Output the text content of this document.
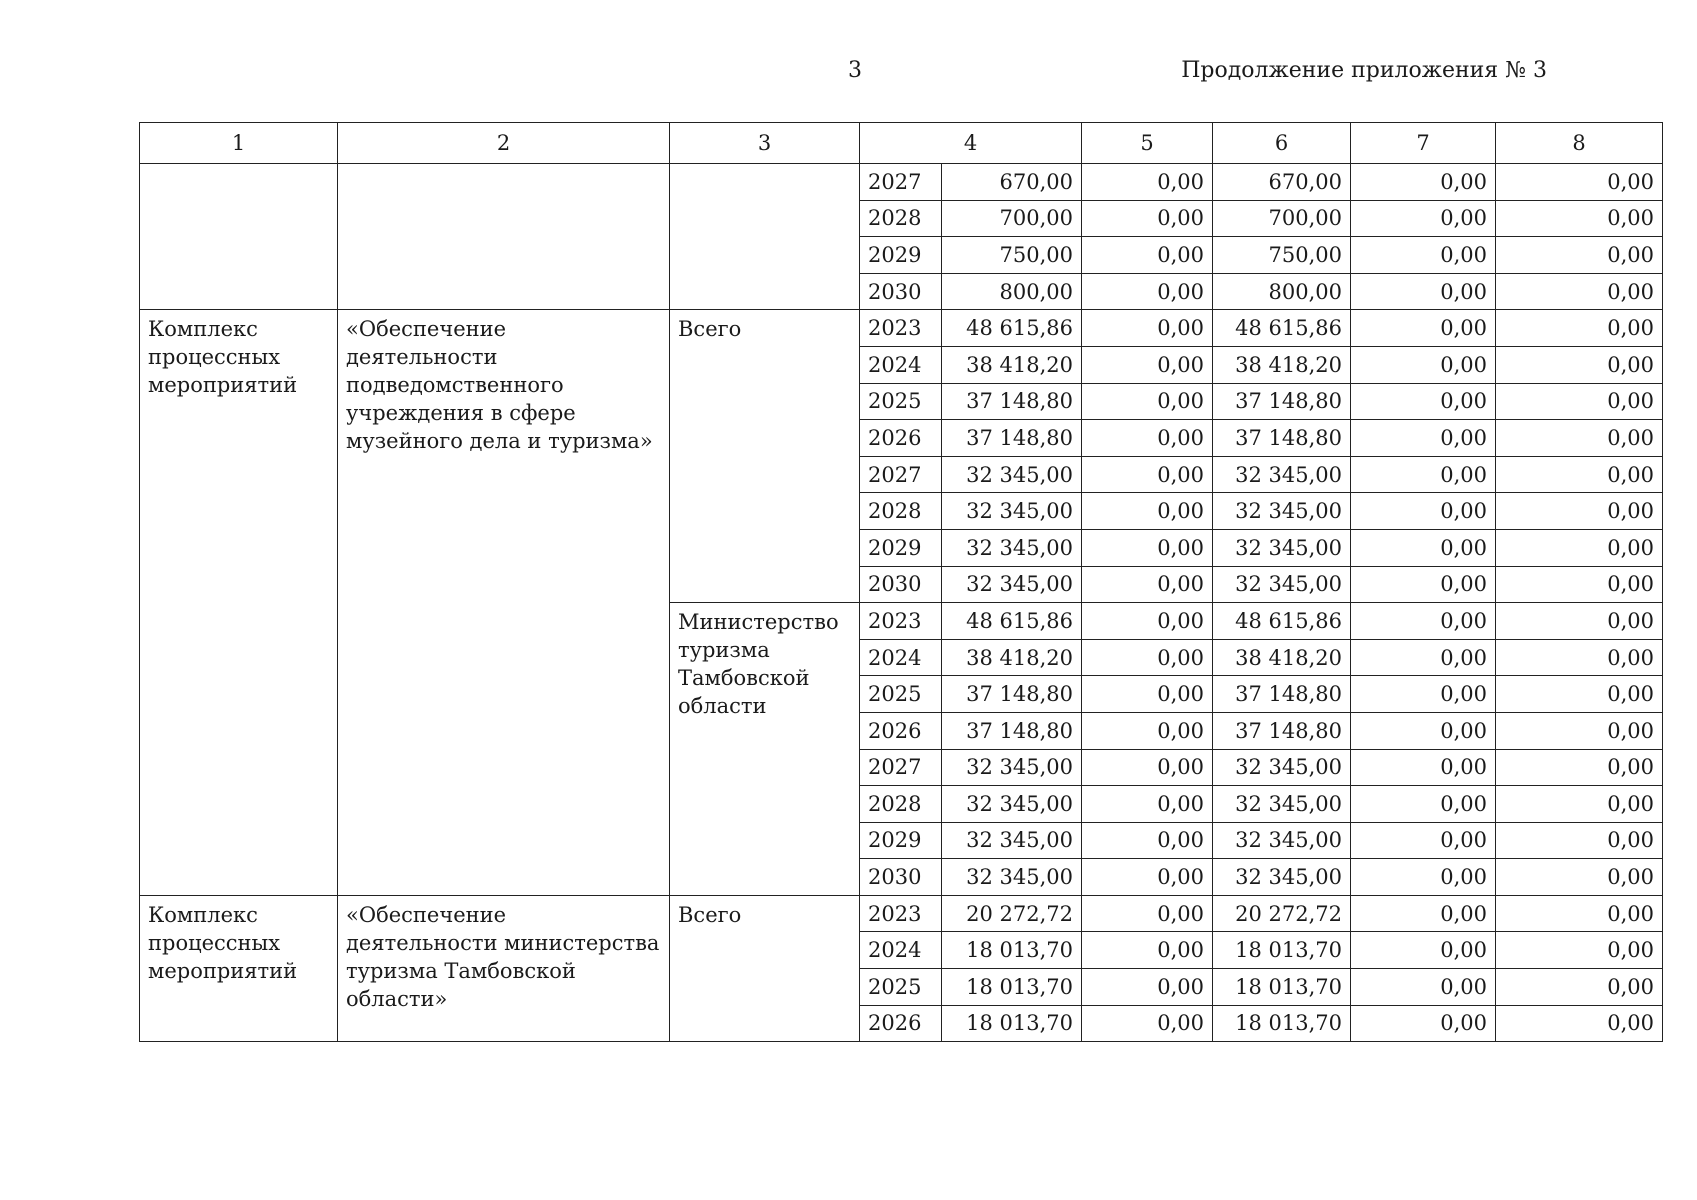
3	Продолжение приложения № 3
1	2	3	4		5	6	7	8
			2027	670,00	0,00	670,00	0,00	0,00
			2028	700,00	0,00	700,00	0,00	0,00
			2029	750,00	0,00	750,00	0,00	0,00
			2030	800,00	0,00	800,00	0,00	0,00
Комплекс процессных мероприятий	«Обеспечение деятельности подведомственного учреждения в сфере музейного дела и туризма»	Всего	2023	48 615,86	0,00	48 615,86	0,00	0,00
			2024	38 418,20	0,00	38 418,20	0,00	0,00
			2025	37 148,80	0,00	37 148,80	0,00	0,00
			2026	37 148,80	0,00	37 148,80	0,00	0,00
			2027	32 345,00	0,00	32 345,00	0,00	0,00
			2028	32 345,00	0,00	32 345,00	0,00	0,00
			2029	32 345,00	0,00	32 345,00	0,00	0,00
			2030	32 345,00	0,00	32 345,00	0,00	0,00
		Министерство туризма Тамбовской области	2023	48 615,86	0,00	48 615,86	0,00	0,00
			2024	38 418,20	0,00	38 418,20	0,00	0,00
			2025	37 148,80	0,00	37 148,80	0,00	0,00
			2026	37 148,80	0,00	37 148,80	0,00	0,00
			2027	32 345,00	0,00	32 345,00	0,00	0,00
			2028	32 345,00	0,00	32 345,00	0,00	0,00
			2029	32 345,00	0,00	32 345,00	0,00	0,00
			2030	32 345,00	0,00	32 345,00	0,00	0,00
Комплекс процессных мероприятий	«Обеспечение деятельности министерства туризма Тамбовской области»	Всего	2023	20 272,72	0,00	20 272,72	0,00	0,00
			2024	18 013,70	0,00	18 013,70	0,00	0,00
			2025	18 013,70	0,00	18 013,70	0,00	0,00
			2026	18 013,70	0,00	18 013,70	0,00	0,00
